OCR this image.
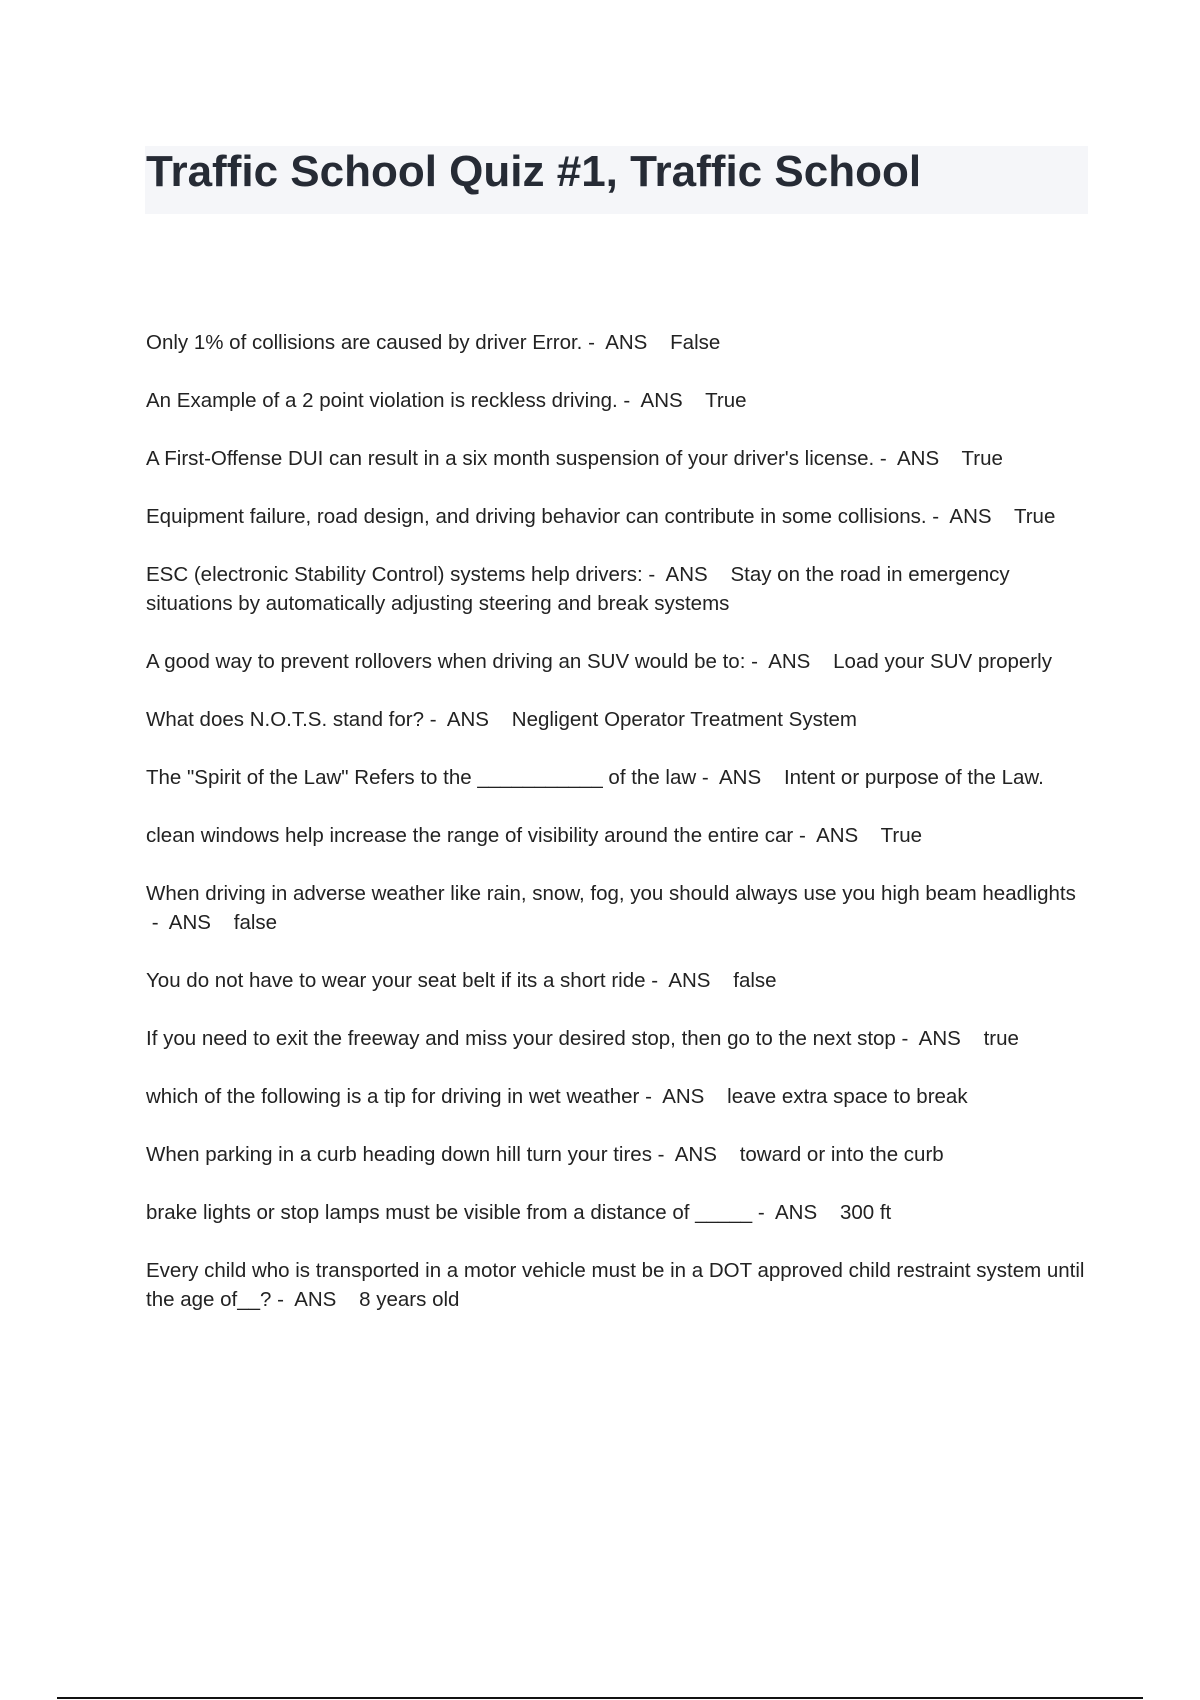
Traffic School Quiz #1, Traffic School

Only 1% of collisions are caused by driver Error. -  ANS False

An Example of a 2 point violation is reckless driving. -  ANS True

A First-Offense DUI can result in a six month suspension of your driver's license. -  ANS True

Equipment failure, road design, and driving behavior can contribute in some collisions. -  ANS True

ESC (electronic Stability Control) systems help drivers: -  ANS Stay on the road in emergency situations by automatically adjusting steering and break systems

A good way to prevent rollovers when driving an SUV would be to: -  ANS Load your SUV properly

What does N.O.T.S. stand for? -  ANS Negligent Operator Treatment System

The "Spirit of the Law" Refers to the ___________ of the law -  ANS Intent or purpose of the Law.

clean windows help increase the range of visibility around the entire car -  ANS True

When driving in adverse weather like rain, snow, fog, you should always use you high beam headlights -  ANS false

You do not have to wear your seat belt if its a short ride -  ANS false

If you need to exit the freeway and miss your desired stop, then go to the next stop -  ANS true

which of the following is a tip for driving in wet weather -  ANS leave extra space to break

When parking in a curb heading down hill turn your tires -  ANS toward or into the curb

brake lights or stop lamps must be visible from a distance of _____ -  ANS 300 ft

Every child who is transported in a motor vehicle must be in a DOT approved child restraint system until the age of__? -  ANS 8 years old
